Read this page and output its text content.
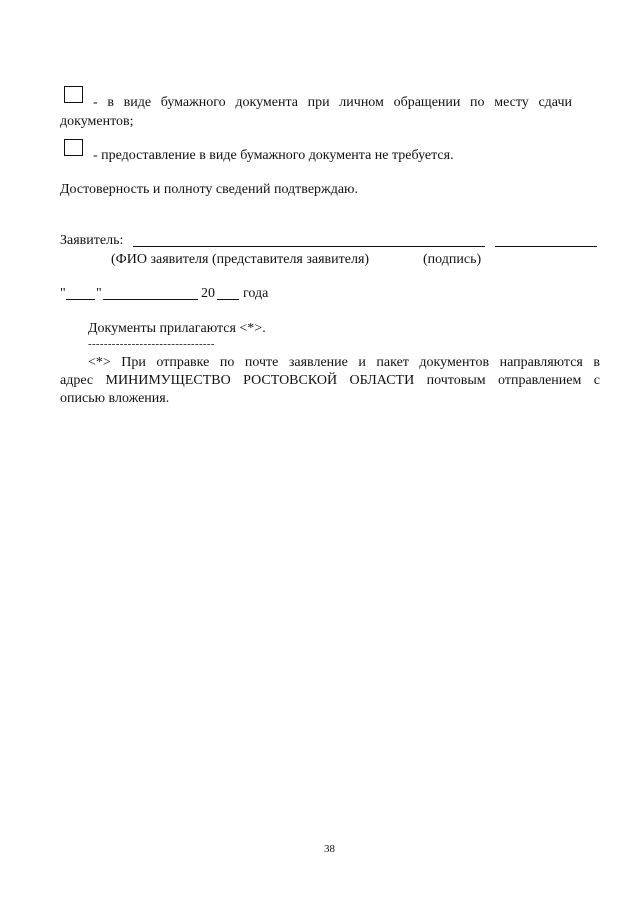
- в виде бумажного документа при личном обращении по месту сдачи
документов;
- предоставление в виде бумажного документа не требуется.
Достоверность и полноту сведений подтверждаю.
Заявитель:
(ФИО заявителя (представителя заявителя)	(подпись)
" "	20 года
Документы прилагаются <*>.
--------------------------------
<*> При отправке по почте заявление и пакет документов направляются в
адрес МИНИМУЩЕСТВО РОСТОВСКОЙ ОБЛАСТИ почтовым отправлением с
описью вложения.
38
